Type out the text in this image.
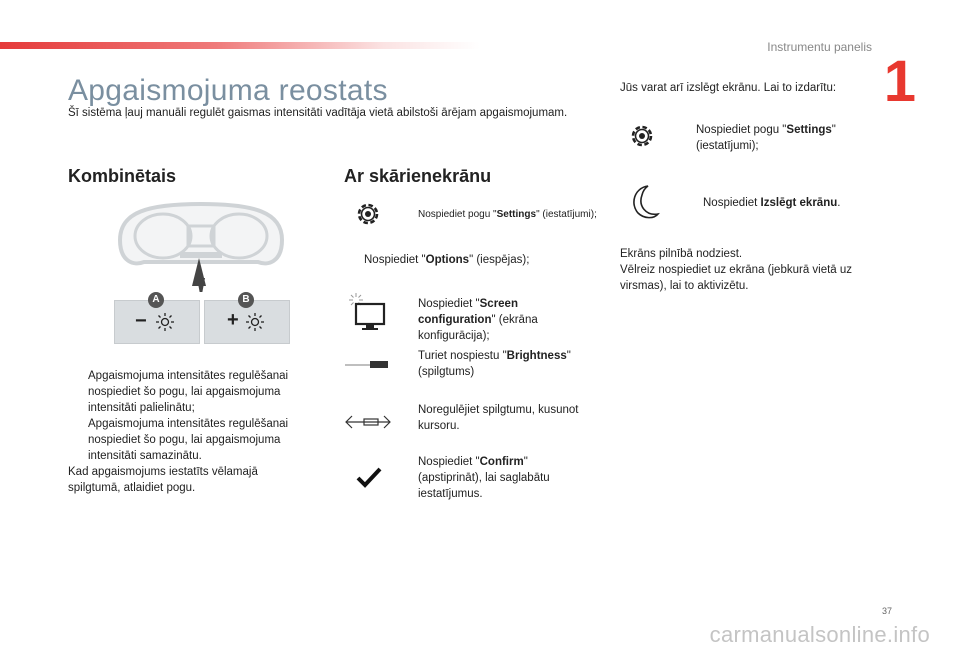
Instrumentu panelis
1
Apgaismojuma reostats
Šī sistēma ļauj manuāli regulēt gaismas intensitāti vadītāja vietā abilstoši ārējam apgaismojumam.
Kombinētais
A
−
B
+
Apgaismojuma intensitātes regulēšanai nospiediet šo pogu, lai apgaismojuma intensitāti palielinātu;
Apgaismojuma intensitātes regulēšanai nospiediet šo pogu, lai apgaismojuma intensitāti samazinātu.
Kad apgaismojums iestatīts vēlamajā spilgtumā, atlaidiet pogu.
Ar skārienekrānu
Nospiediet pogu "Settings" (iestatījumi);
Nospiediet "Options" (iespējas);
Nospiediet "Screen configuration" (ekrāna konfigurācija);
Turiet nospiestu "Brightness" (spilgtums)
Noregulējiet spilgtumu, kusunot kursoru.
Nospiediet "Confirm" (apstiprināt), lai saglabātu iestatījumus.
Jūs varat arī izslēgt ekrānu. Lai to izdarītu:
Nospiediet pogu "Settings" (iestatījumi);
Nospiediet Izslēgt ekrānu.
Ekrāns pilnībā nodziest.
Vēlreiz nospiediet uz ekrāna (jebkurā vietā uz virsmas), lai to aktivizētu.
37
carmanualsonline.info
